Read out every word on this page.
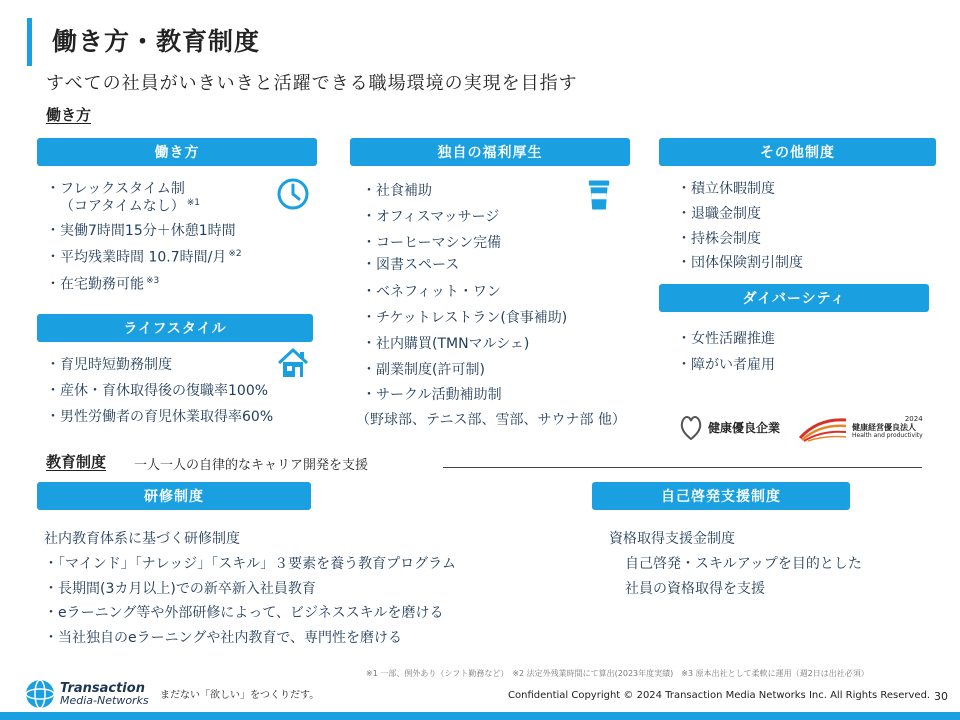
働き方・教育制度
すべての社員がいきいきと活躍できる職場環境の実現を目指す
働き方
働き方
・フレックスタイム制
（コアタイムなし） $^{※1}$
・実働7時間15分＋休憩1時間
・平均残業時間 10.7時間/月 $^{※2}$
・在宅勤務可能 $^{※3}$
ライフスタイル
・育児時短勤務制度
・産休・育休取得後の復職率100%
・男性労働者の育児休業取得率60%
独自の福利厚生
・社食補助
・オフィスマッサージ
・コーヒーマシン完備
・図書スペース
・ベネフィット・ワン
・チケットレストラン(食事補助)
・社内購買(TMNマルシェ)
・副業制度(許可制)
・サークル活動補助制
（野球部、テニス部、雪部、サウナ部 他）
その他制度
・積立休暇制度
・退職金制度
・持株会制度
・団体保険割引制度
ダイバーシティ
・女性活躍推進
・障がい者雇用
健康優良企業
2024
健康経営優良法人
Health and productivity
教育制度 一人一人の自律的なキャリア開発を支援
研修制度
社内教育体系に基づく研修制度
・「マインド」「ナレッジ」「スキル」３要素を養う教育プログラム
・長期間(3カ月以上)での新卒新入社員教育
・eラーニング等や外部研修によって、ビジネススキルを磨ける
・当社独自のeラーニングや社内教育で、専門性を磨ける
自己啓発支援制度
資格取得支援金制度
自己啓発・スキルアップを目的とした
社員の資格取得を支援
※1 一部、例外あり（シフト勤務など）　※2 法定外残業時間にて算出(2023年度実績)　※3 原本出社として柔軟に運用（週2日は出社必須）
Transaction
Media-Networks まだない「欲しい」をつくりだす。	Confidential Copyright © 2024 Transaction Media Networks Inc. All Rights Reserved. 30
